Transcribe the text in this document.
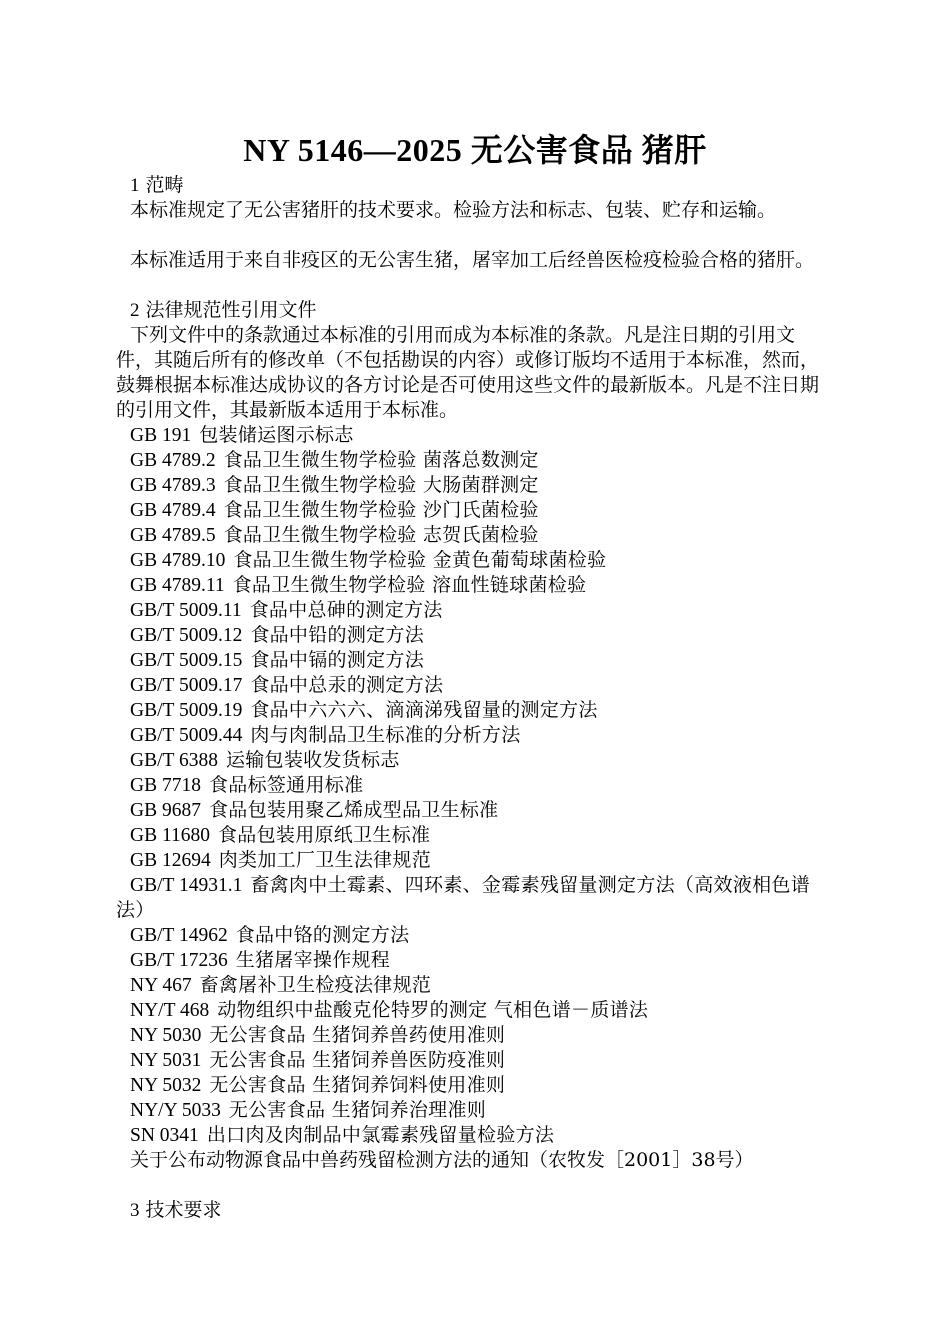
NY 5146—2025 无公害食品 猪肝
1 范畴
本标准规定了无公害猪肝的技术要求。检验方法和标志、包装、贮存和运输。
本标准适用于来自非疫区的无公害生猪，屠宰加工后经兽医检疫检验合格的猪肝。
2 法律规范性引用文件
下列文件中的条款通过本标准的引用而成为本标准的条款。凡是注日期的引用文件，其随后所有的修改单（不包括勘误的内容）或修订版均不适用于本标准，然而，鼓舞根据本标准达成协议的各方讨论是否可使用这些文件的最新版本。凡是不注日期的引用文件，其最新版本适用于本标准。
GB 191 包装储运图示标志
GB 4789.2 食品卫生微生物学检验 菌落总数测定
GB 4789.3 食品卫生微生物学检验 大肠菌群测定
GB 4789.4 食品卫生微生物学检验 沙门氏菌检验
GB 4789.5 食品卫生微生物学检验 志贺氏菌检验
GB 4789.10 食品卫生微生物学检验 金黄色葡萄球菌检验
GB 4789.11 食品卫生微生物学检验 溶血性链球菌检验
GB/T 5009.11 食品中总砷的测定方法
GB/T 5009.12 食品中铅的测定方法
GB/T 5009.15 食品中镉的测定方法
GB/T 5009.17 食品中总汞的测定方法
GB/T 5009.19 食品中六六六、滴滴涕残留量的测定方法
GB/T 5009.44 肉与肉制品卫生标准的分析方法
GB/T 6388 运输包装收发货标志
GB 7718 食品标签通用标准
GB 9687 食品包装用聚乙烯成型品卫生标准
GB 11680 食品包装用原纸卫生标准
GB 12694 肉类加工厂卫生法律规范
GB/T 14931.1 畜禽肉中土霉素、四环素、金霉素残留量测定方法（高效液相色谱法）
GB/T 14962 食品中铬的测定方法
GB/T 17236 生猪屠宰操作规程
NY 467 畜禽屠补卫生检疫法律规范
NY/T 468 动物组织中盐酸克伦特罗的测定 气相色谱－质谱法
NY 5030 无公害食品 生猪饲养兽药使用准则
NY 5031 无公害食品 生猪饲养兽医防疫准则
NY 5032 无公害食品 生猪饲养饲料使用准则
NY/Y 5033 无公害食品 生猪饲养治理准则
SN 0341 出口肉及肉制品中氯霉素残留量检验方法
关于公布动物源食品中兽药残留检测方法的通知（农牧发［2001］38号）
3 技术要求
